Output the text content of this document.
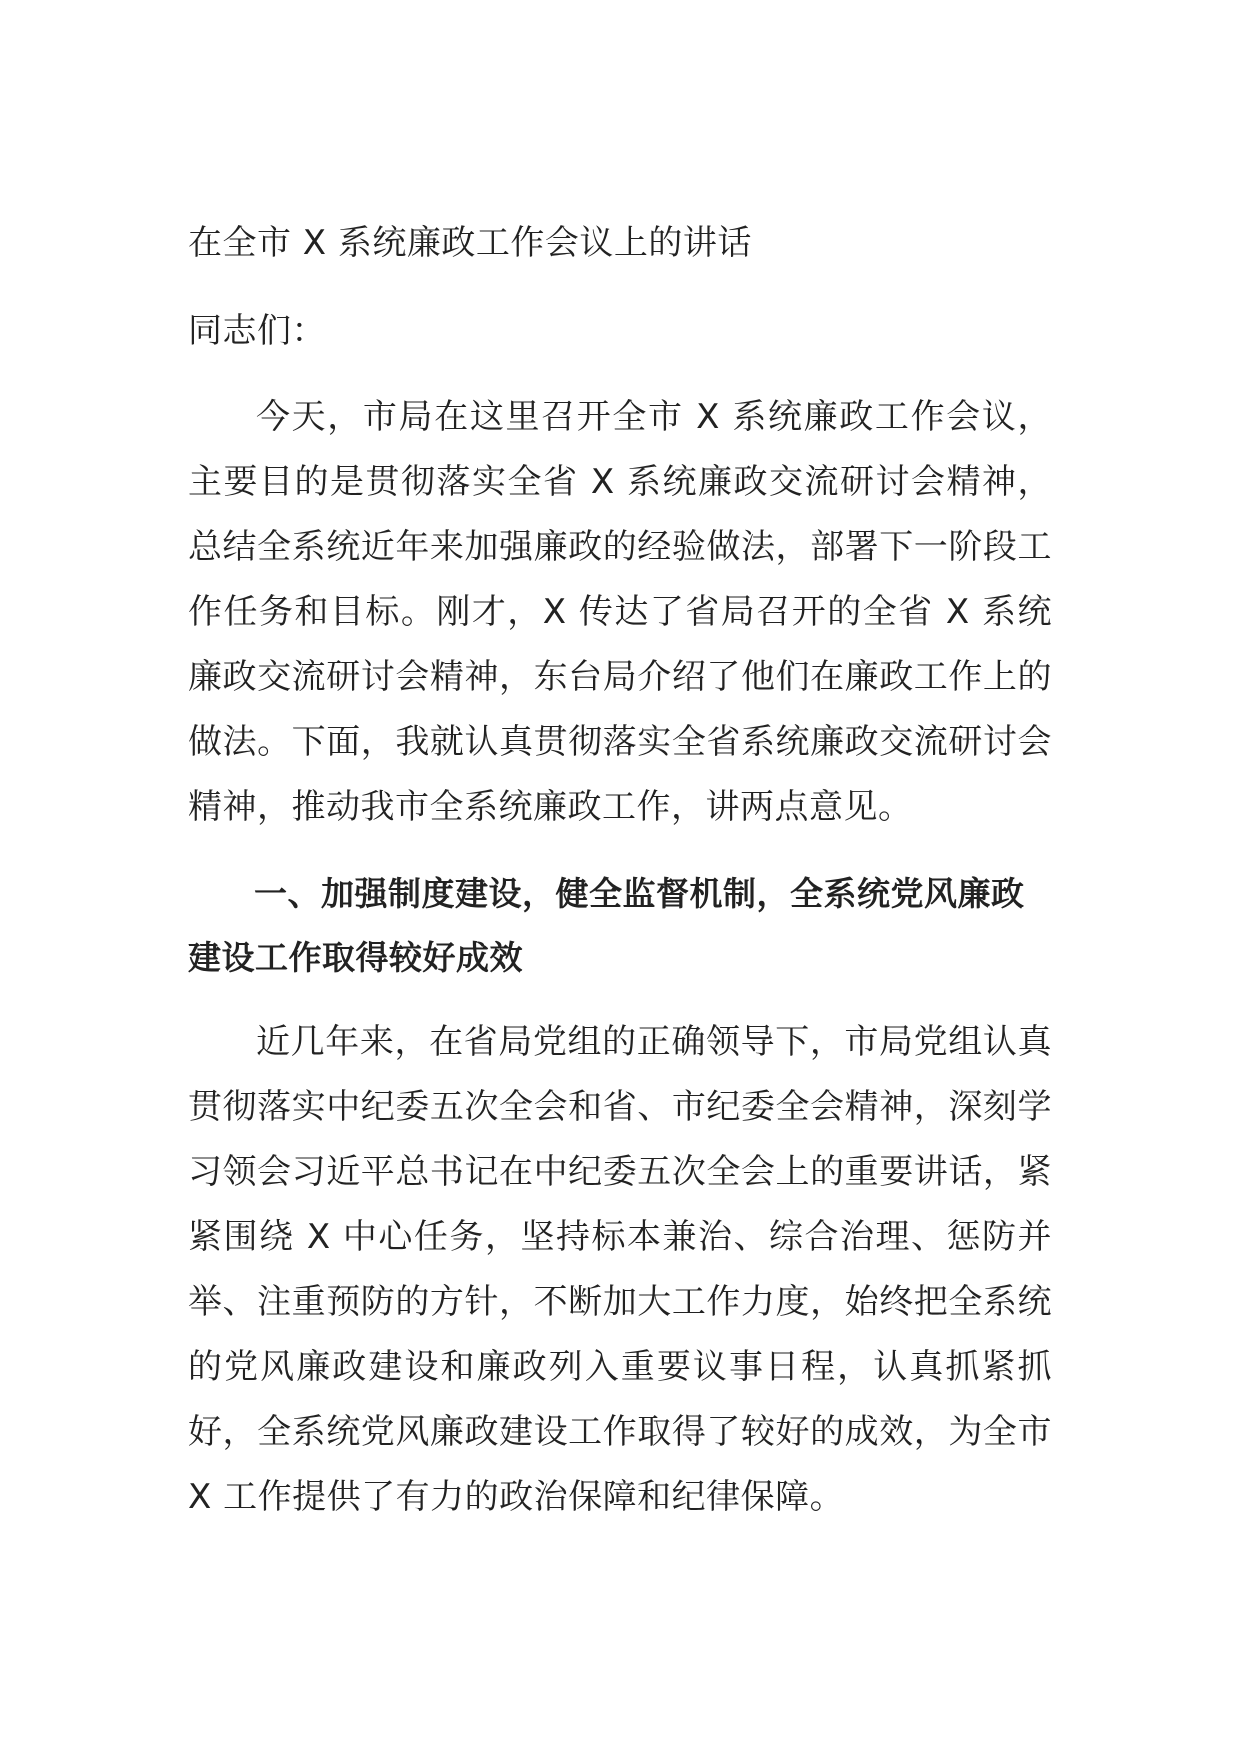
在全市 X 系统廉政工作会议上的讲话
同志们：

今天，市局在这里召开全市 X 系统廉政工作会议，主要目的是贯彻落实全省 X 系统廉政交流研讨会精神，总结全系统近年来加强廉政的经验做法，部署下一阶段工作任务和目标。刚才，X 传达了省局召开的全省 X 系统廉政交流研讨会精神，东台局介绍了他们在廉政工作上的做法。下面，我就认真贯彻落实全省系统廉政交流研讨会精神，推动我市全系统廉政工作，讲两点意见。

一、加强制度建设，健全监督机制，全系统党风廉政建设工作取得较好成效

近几年来，在省局党组的正确领导下，市局党组认真贯彻落实中纪委五次全会和省、市纪委全会精神，深刻学习领会习近平总书记在中纪委五次全会上的重要讲话，紧紧围绕 X 中心任务，坚持标本兼治、综合治理、惩防并举、注重预防的方针，不断加大工作力度，始终把全系统的党风廉政建设和廉政列入重要议事日程，认真抓紧抓好，全系统党风廉政建设工作取得了较好的成效，为全市 X 工作提供了有力的政治保障和纪律保障。
